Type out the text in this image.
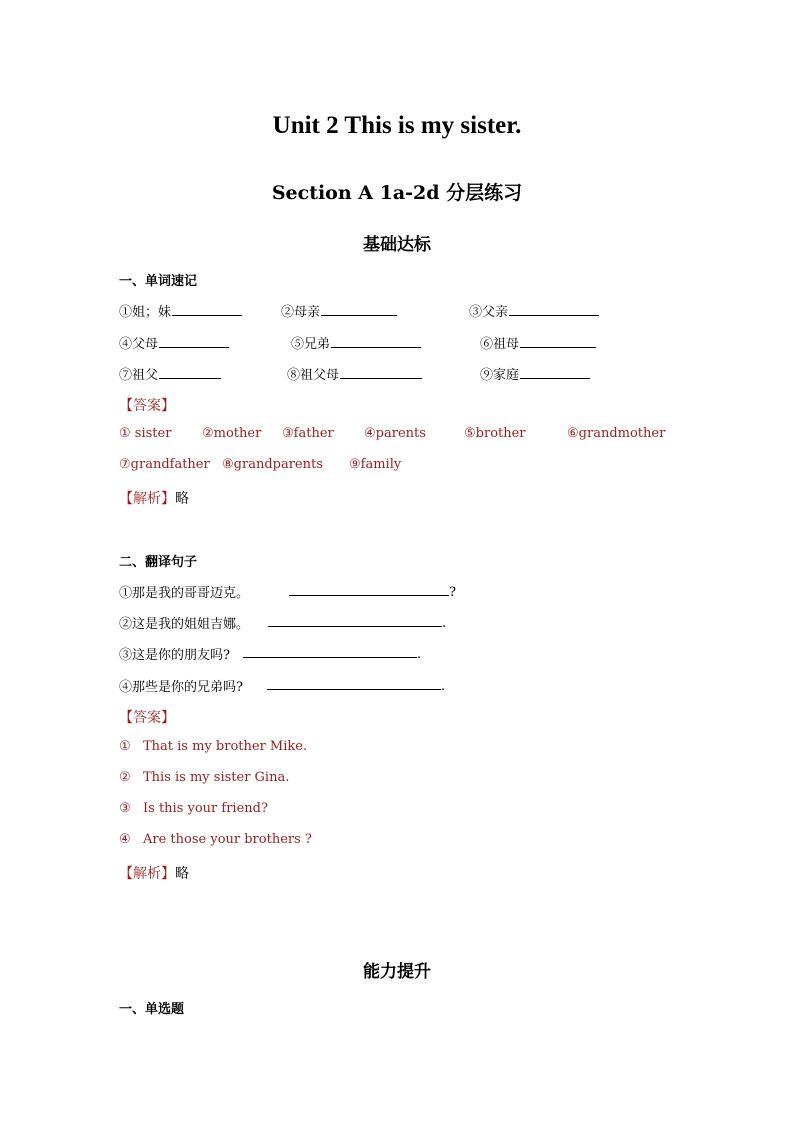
Unit 2 This is my sister.
Section A 1a-2d 分层练习
基础达标
一、单词速记
①姐；妹	②母亲	③父亲
④父母	⑤兄弟	⑥祖母
⑦祖父	⑧祖父母	⑨家庭
【答案】
① sister ②mother ③father ④parents	⑤brother	⑥grandmother
⑦grandfather ⑧grandparents ⑨family
【解析】略
二、翻译句子
①那是我的哥哥迈克。	?
②这是我的姐姐吉娜。	.
③这是你的朋友吗?	.
④那些是你的兄弟吗?	.
【答案】
① That is my brother Mike.
② This is my sister Gina.
③ Is this your friend?
④ Are those your brothers ?
【解析】略
能力提升
一、单选题
